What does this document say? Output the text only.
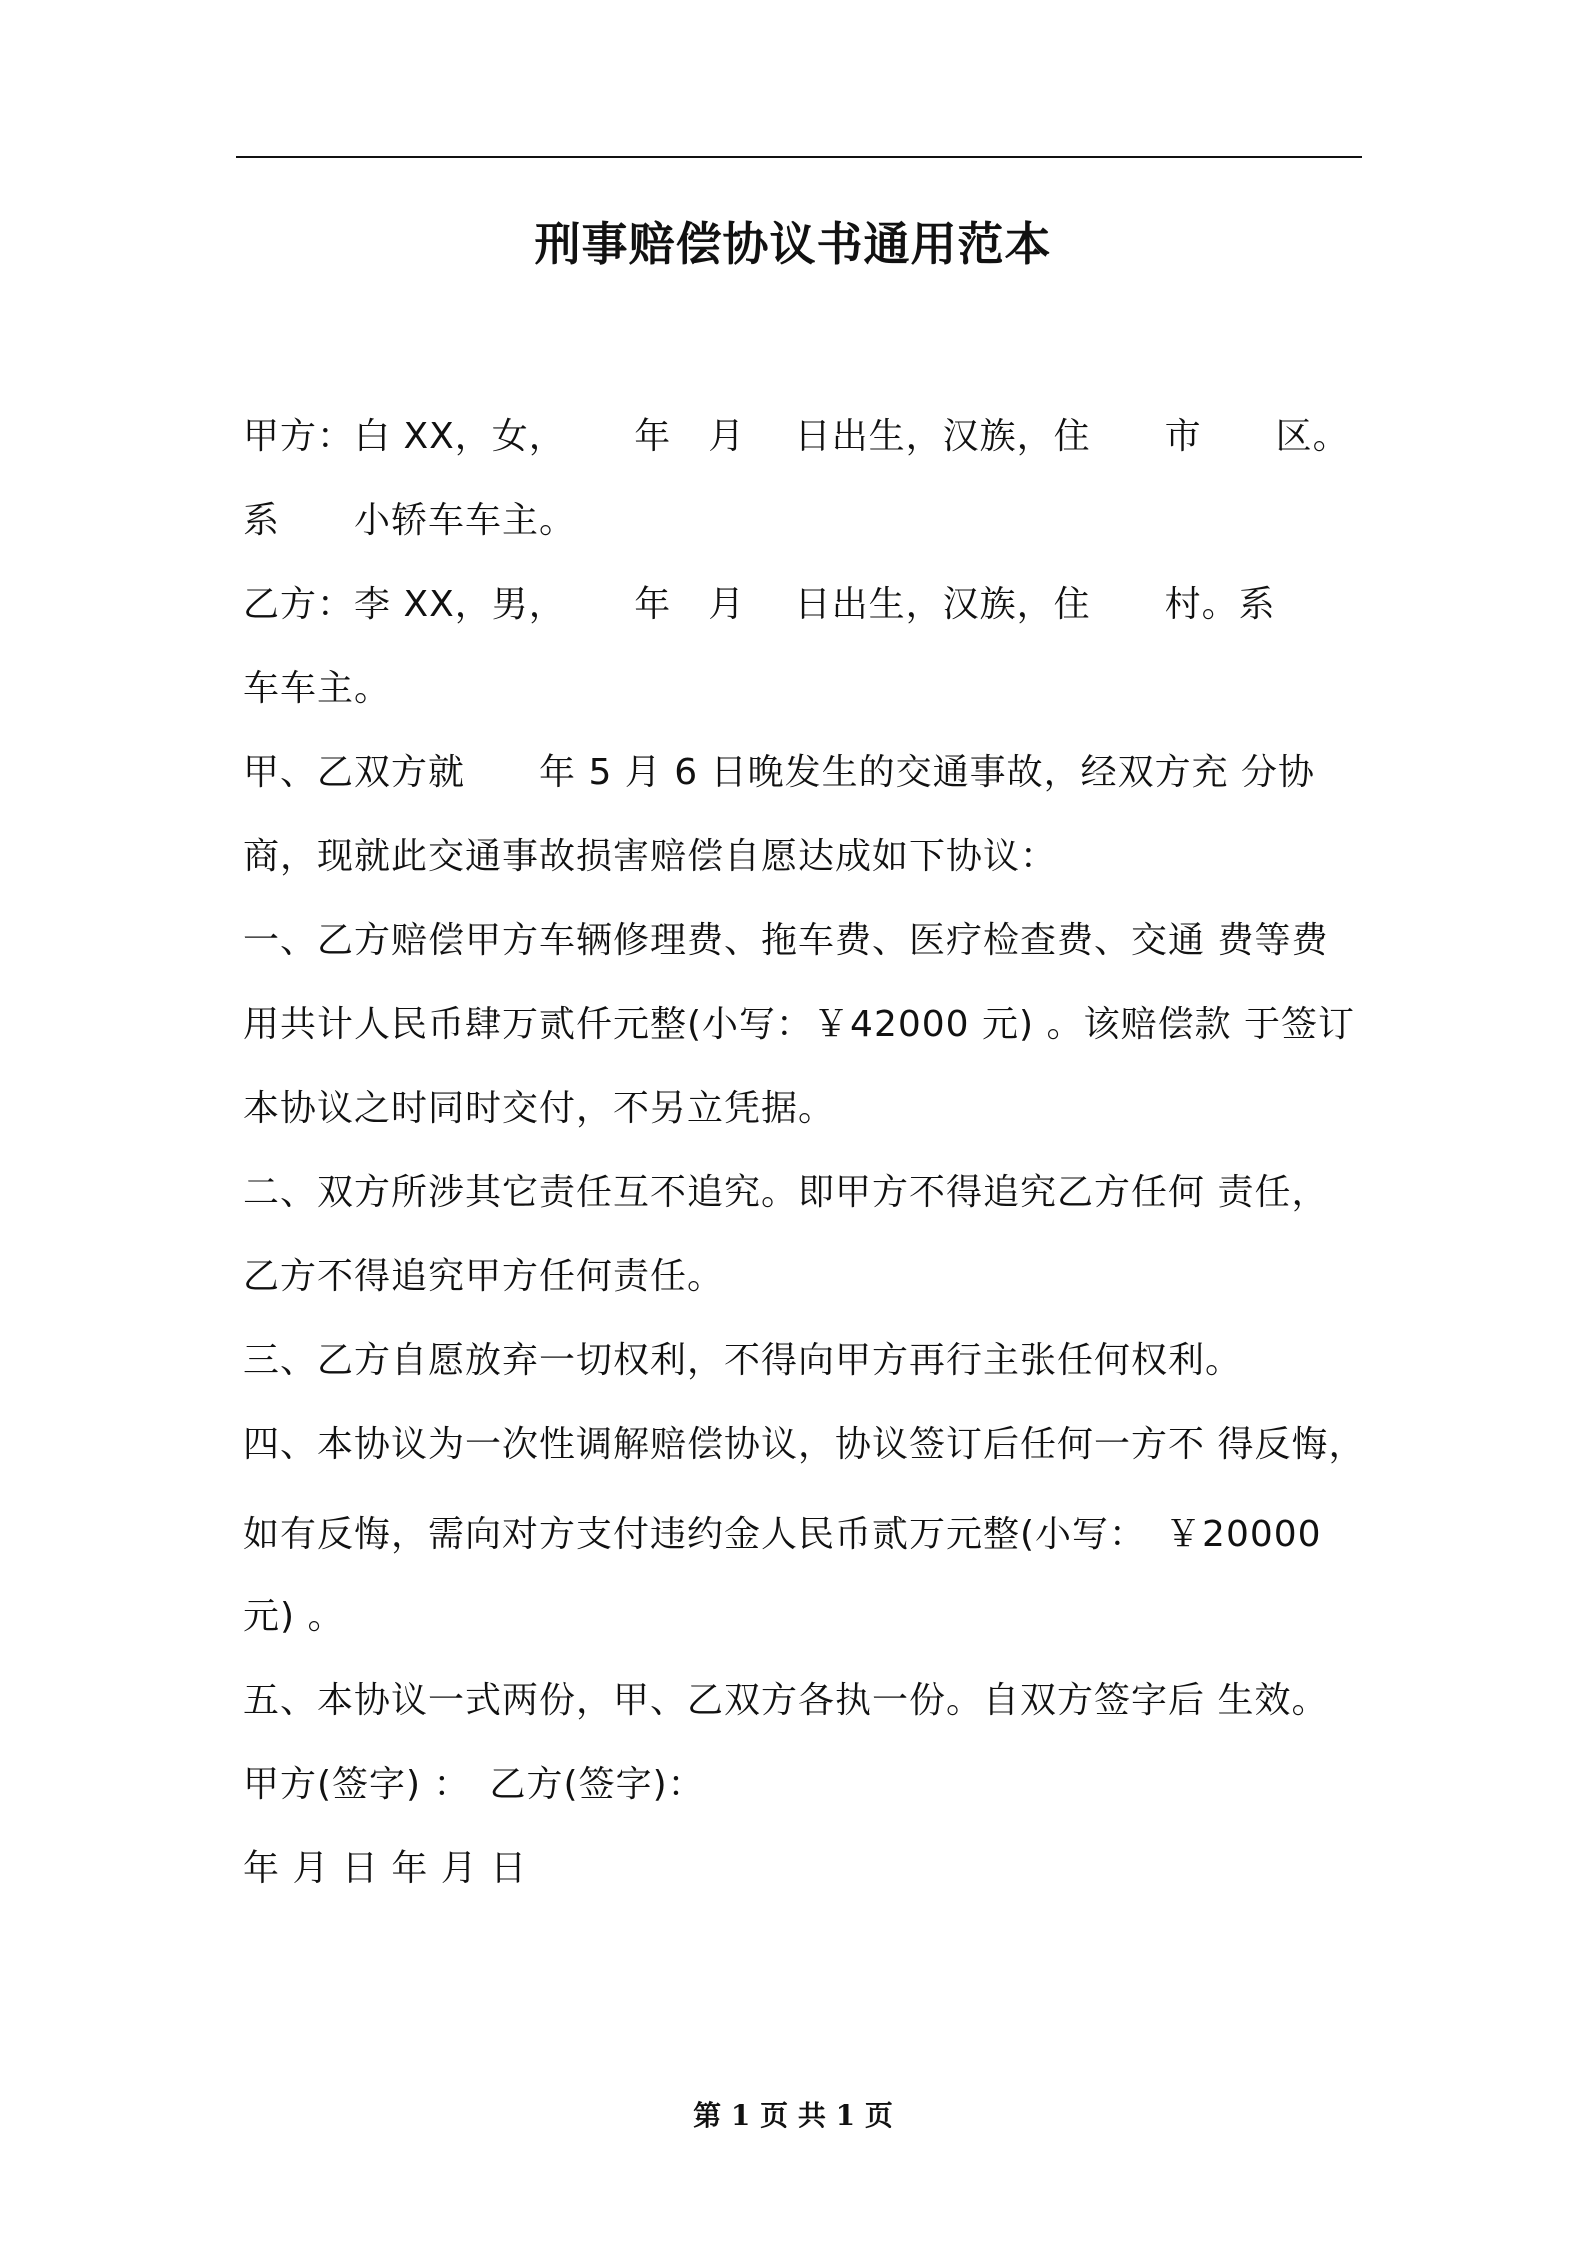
刑事赔偿协议书通用范本
甲方：白 XX，女，　　 年　月　 日出生，汉族，住　　市　　区。
系　　小轿车车主。
乙方：李 XX，男，　　 年　月　 日出生，汉族，住　　村。系
车车主。
甲、乙双方就　　年 5 月 6 日晚发生的交通事故，经双方充 分协
商，现就此交通事故损害赔偿自愿达成如下协议：
一、乙方赔偿甲方车辆修理费、拖车费、医疗检查费、交通 费等费
用共计人民币肆万贰仟元整(小写：￥42000 元) 。该赔偿款 于签订
本协议之时同时交付，不另立凭据。
二、双方所涉其它责任互不追究。即甲方不得追究乙方任何 责任，
乙方不得追究甲方任何责任。
三、乙方自愿放弃一切权利，不得向甲方再行主张任何权利。
四、本协议为一次性调解赔偿协议，协议签订后任何一方不 得反悔，
如有反悔，需向对方支付违约金人民币贰万元整(小写：　￥20000
元) 。
五、本协议一式两份，甲、乙双方各执一份。自双方签字后 生效。
甲方(签字) ：　乙方(签字)：
年 月 日 年 月 日
第 1 页 共 1 页
